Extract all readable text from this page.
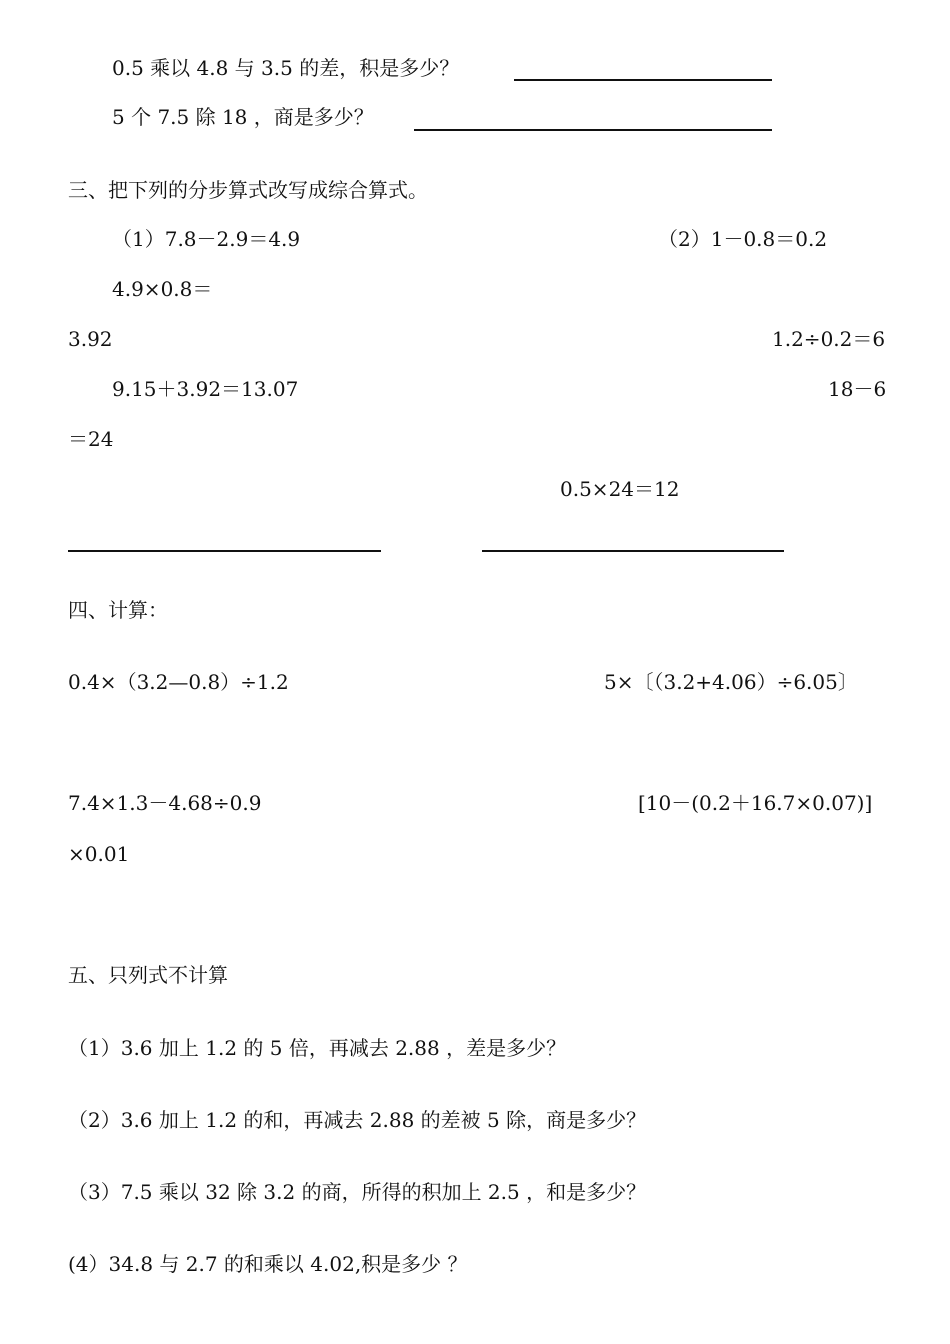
0.5 乘以 4.8 与 3.5 的差，积是多少？
5 个 7.5 除 18 ，商是多少？
三、把下列的分步算式改写成综合算式。
（1）7.8－2.9＝4.9	（2）1－0.8＝0.2
4.9×0.8＝
3.92	1.2÷0.2＝6
9.15＋3.92＝13.07	18－6
＝24
0.5×24＝12
四、计算：
0.4×（3.2—0.8）÷1.2	5×〔（3.2+4.06）÷6.05〕
7.4×1.3－4.68÷0.9	[10－(0.2＋16.7×0.07)]
×0.01
五、只列式不计算
（1）3.6 加上 1.2 的 5 倍，再减去 2.88 ，差是多少？
（2）3.6 加上 1.2 的和，再减去 2.88 的差被 5 除，商是多少？
（3）7.5 乘以 32 除 3.2 的商，所得的积加上 2.5 ，和是多少？
(4）34.8 与 2.7 的和乘以 4.02,积是多少 ？
